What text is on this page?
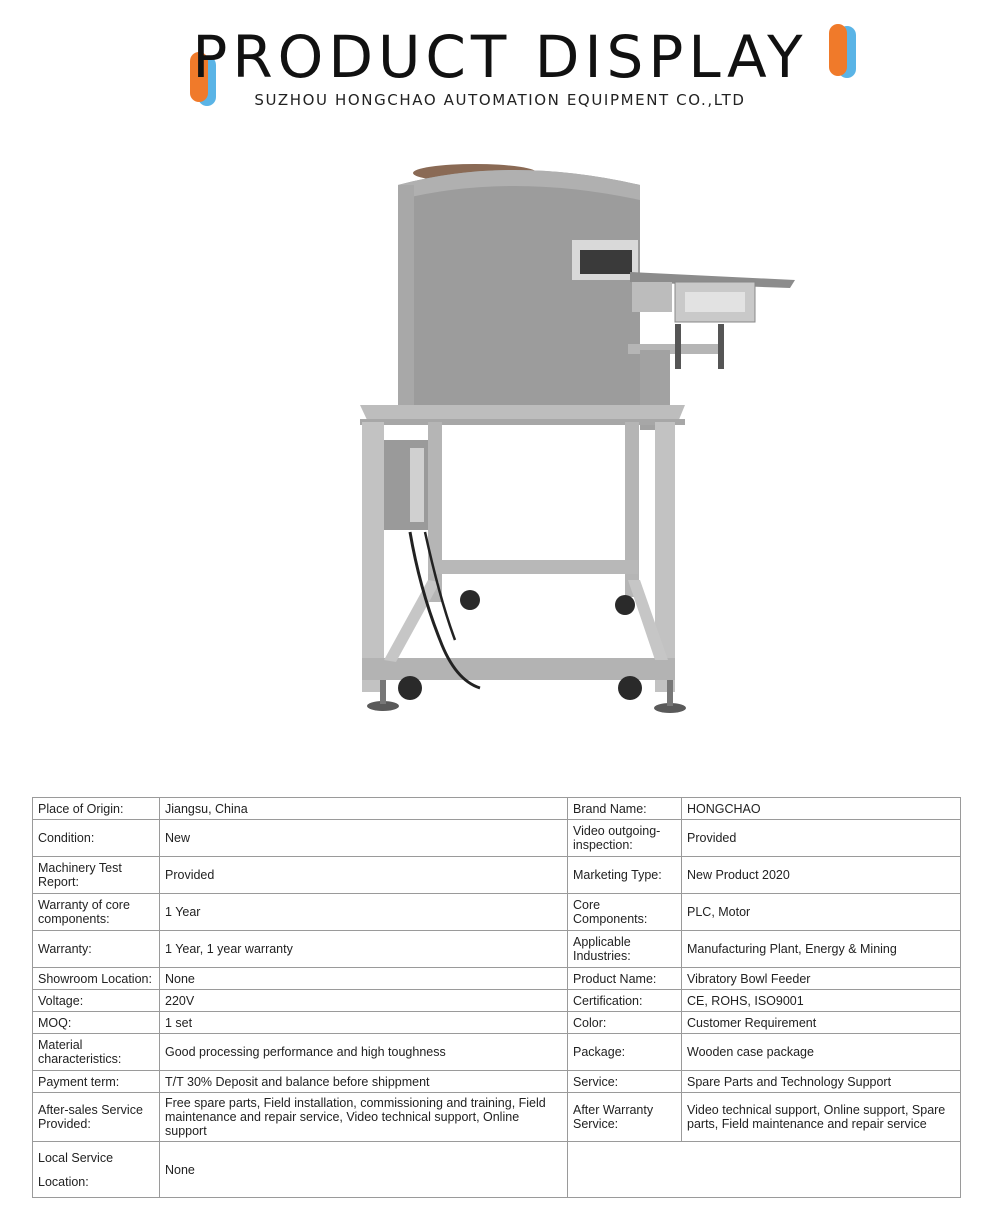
PRODUCT DISPLAY
SUZHOU HONGCHAO AUTOMATION EQUIPMENT CO.,LTD
Place of Origin:	Jiangsu, China	Brand Name:	HONGCHAO
Condition:	New	Video outgoing-inspection:	Provided
Machinery Test Report:	Provided	Marketing Type:	New Product 2020
Warranty of core components:	1 Year	Core Components:	PLC, Motor
Warranty:	1 Year, 1 year warranty	Applicable Industries:	Manufacturing Plant, Energy & Mining
Showroom Location:	None	Product Name:	Vibratory Bowl Feeder
Voltage:	220V	Certification:	CE, ROHS, ISO9001
MOQ:	1 set	Color:	Customer Requirement
Material characteristics:	Good processing performance and high toughness	Package:	Wooden case package
Payment term:	T/T 30% Deposit and balance before shippment	Service:	Spare Parts and Technology Support
After-sales Service Provided:	Free spare parts, Field installation, commissioning and training, Field maintenance and repair service, Video technical support, Online support	After Warranty Service:	Video technical support, Online support, Spare parts, Field maintenance and repair service
Local Service Location:	None		
